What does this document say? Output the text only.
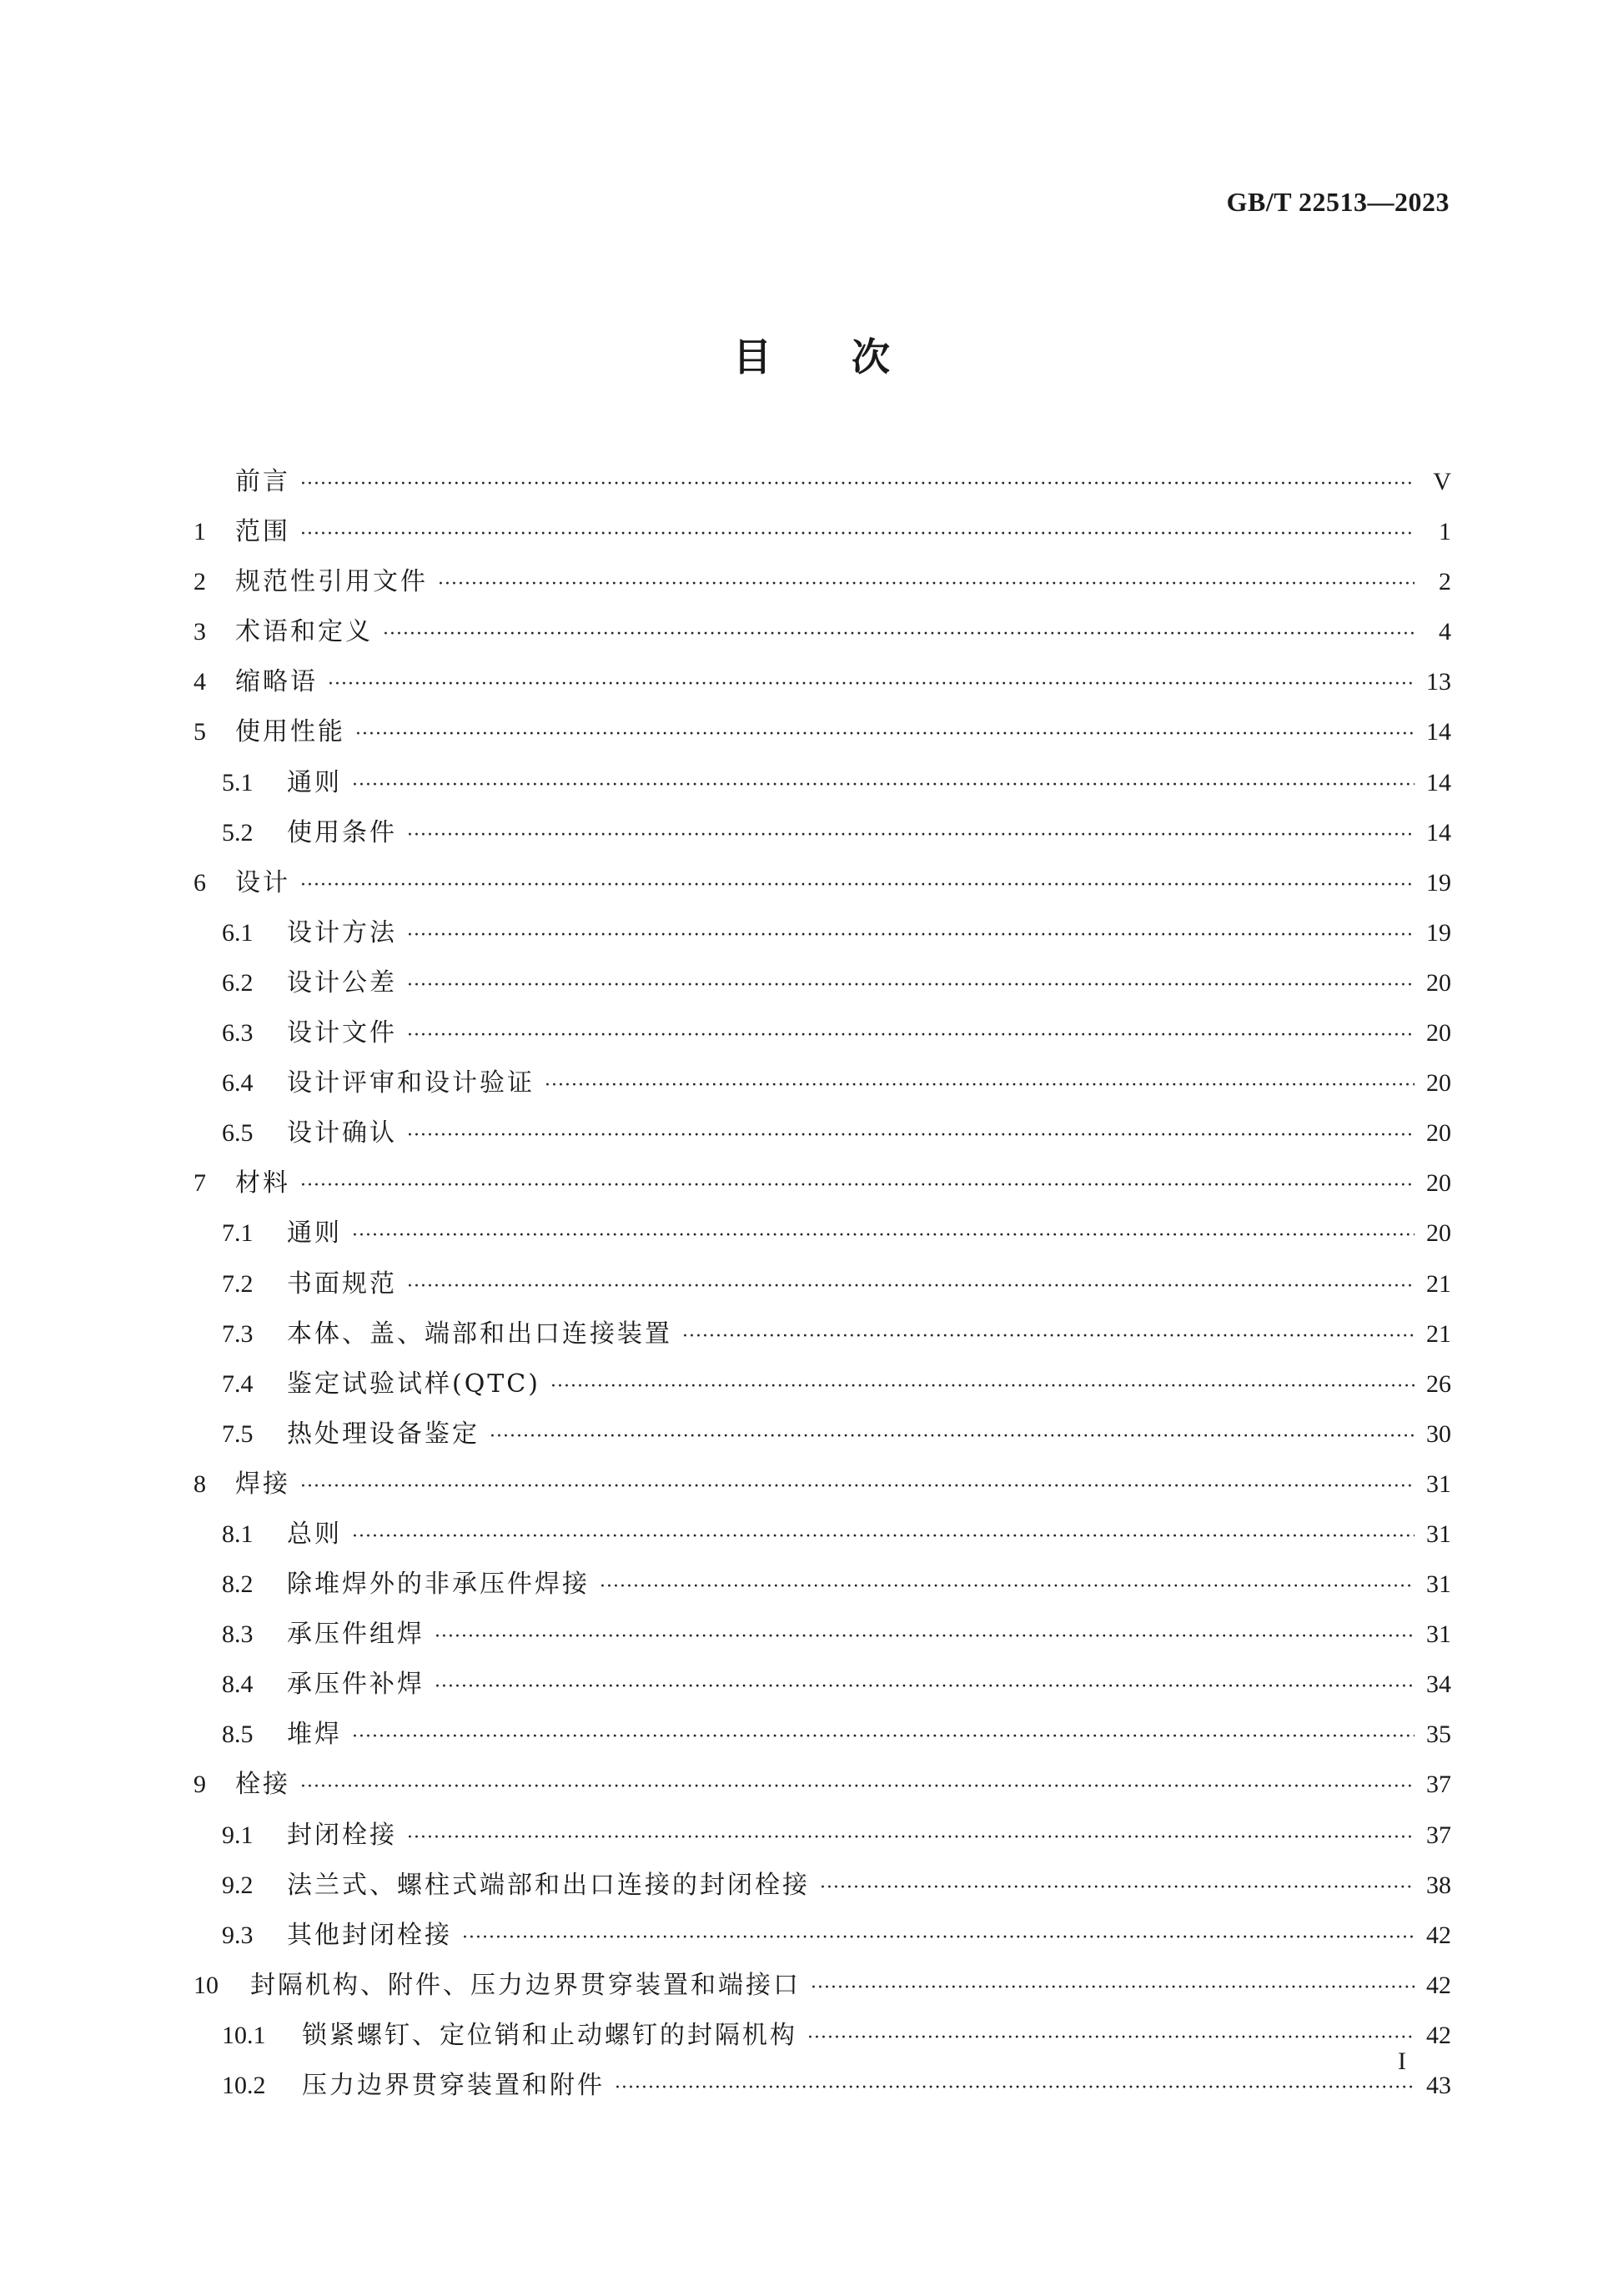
GB/T 22513—2023
目次
前言 ·····	V
1	范围 ·····	1
2	规范性引用文件 ·····	2
3	术语和定义 ·····	4
4	缩略语 ·····	13
5	使用性能 ·····	14
5.1	通则 ·····	14
5.2	使用条件 ·····	14
6	设计 ·····	19
6.1	设计方法 ·····	19
6.2	设计公差 ·····	20
6.3	设计文件 ·····	20
6.4	设计评审和设计验证 ·····	20
6.5	设计确认 ·····	20
7	材料 ·····	20
7.1	通则 ·····	20
7.2	书面规范 ·····	21
7.3	本体、盖、端部和出口连接装置 ·····	21
7.4	鉴定试验试样(QTC) ·····	26
7.5	热处理设备鉴定 ·····	30
8	焊接 ·····	31
8.1	总则 ·····	31
8.2	除堆焊外的非承压件焊接 ·····	31
8.3	承压件组焊 ·····	31
8.4	承压件补焊 ·····	34
8.5	堆焊 ·····	35
9	栓接 ·····	37
9.1	封闭栓接 ·····	37
9.2	法兰式、螺柱式端部和出口连接的封闭栓接 ·····	38
9.3	其他封闭栓接 ·····	42
10	封隔机构、附件、压力边界贯穿装置和端接口 ·····	42
10.1	锁紧螺钉、定位销和止动螺钉的封隔机构 ·····	42
10.2	压力边界贯穿装置和附件 ·····	43
I
